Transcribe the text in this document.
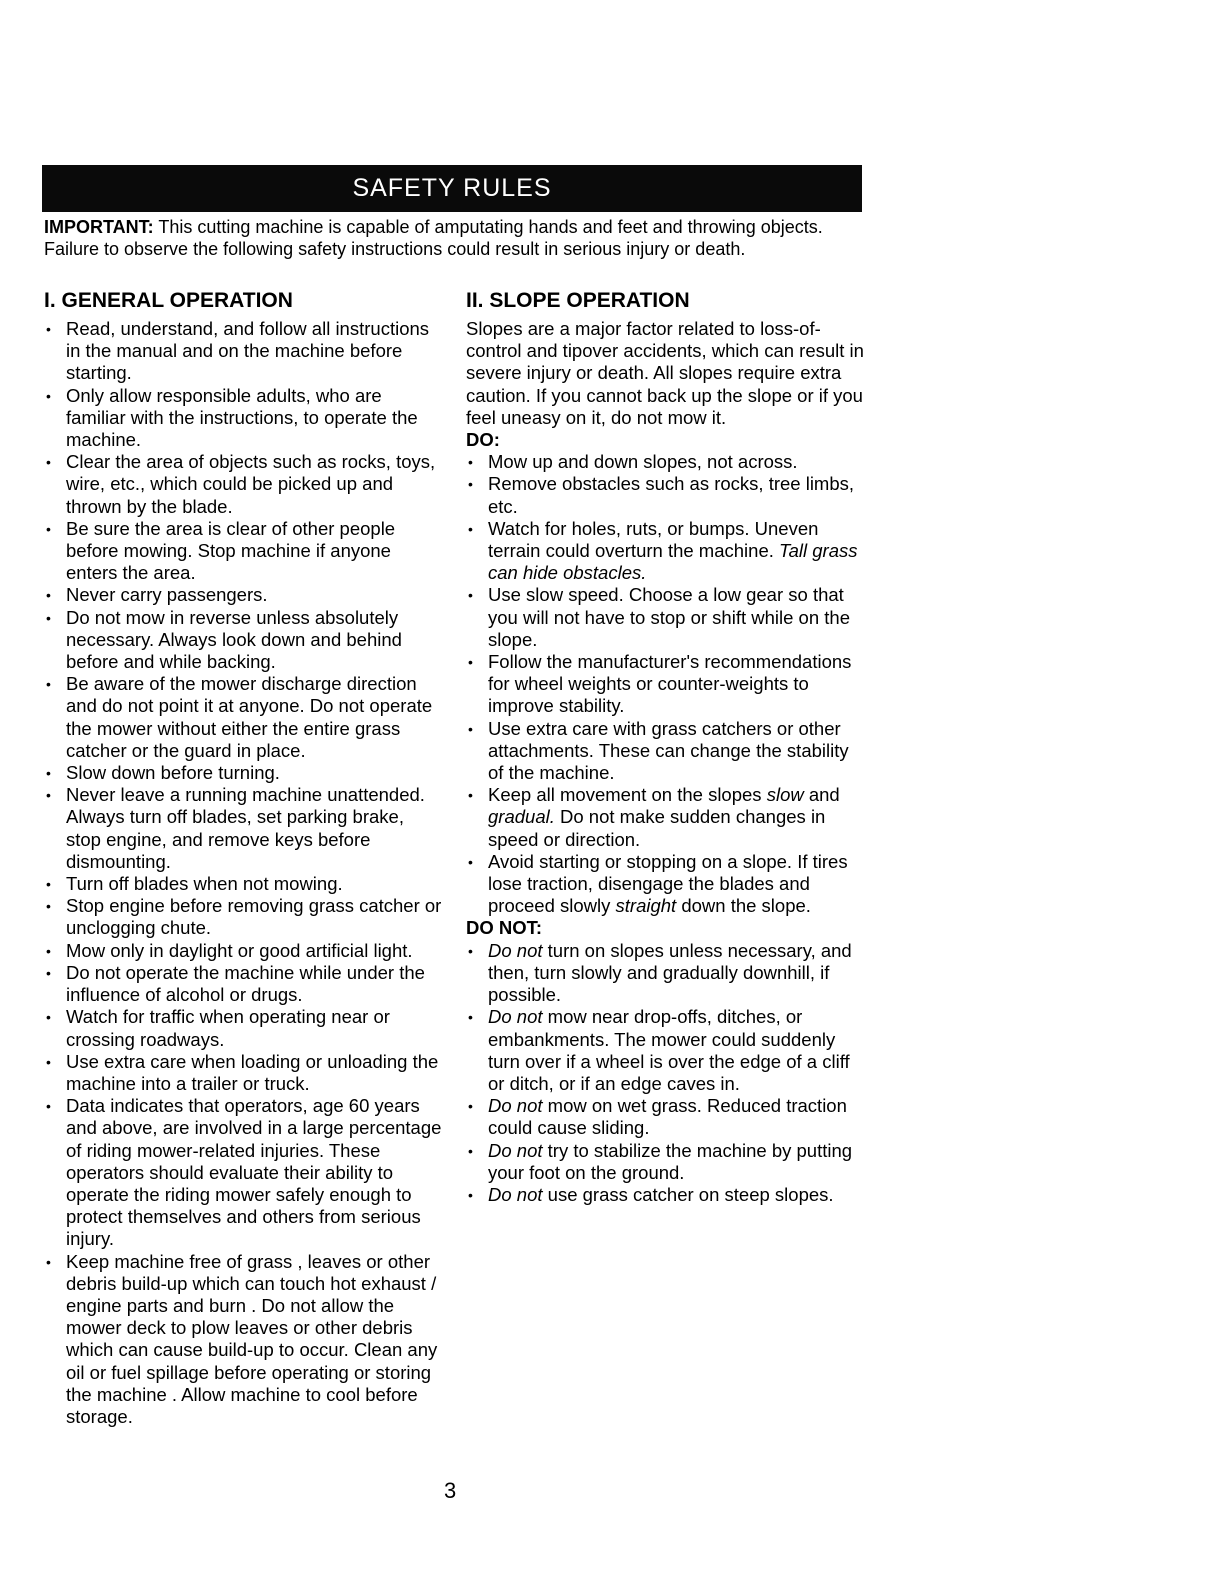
SAFETY RULES

IMPORTANT: This cutting machine is capable of amputating hands and feet and throwing objects. Failure to observe the following safety instructions could result in serious injury or death.

I. GENERAL OPERATION
• Read, understand, and follow all instructions in the manual and on the machine before starting.
• Only allow responsible adults, who are familiar with the instructions, to operate the machine.
• Clear the area of objects such as rocks, toys, wire, etc., which could be picked up and thrown by the blade.
• Be sure the area is clear of other people before mowing. Stop machine if anyone enters the area.
• Never carry passengers.
• Do not mow in reverse unless absolutely necessary. Always look down and behind before and while backing.
• Be aware of the mower discharge direction and do not point it at anyone. Do not operate the mower without either the entire grass catcher or the guard in place.
• Slow down before turning.
• Never leave a running machine unattended. Always turn off blades, set parking brake, stop engine, and remove keys before dismounting.
• Turn off blades when not mowing.
• Stop engine before removing grass catcher or unclogging chute.
• Mow only in daylight or good artificial light.
• Do not operate the machine while under the influence of alcohol or drugs.
• Watch for traffic when operating near or crossing roadways.
• Use extra care when loading or unloading the machine into a trailer or truck.
• Data indicates that operators, age 60 years and above, are involved in a large percentage of riding mower-related injuries. These operators should evaluate their ability to operate the riding mower safely enough to protect themselves and others from serious injury.
• Keep machine free of grass , leaves or other debris build-up which can touch hot exhaust / engine parts and burn . Do not allow the mower deck to plow leaves or other debris which can cause build-up to occur. Clean any oil or fuel spillage before operating or storing the machine . Allow machine to cool before storage.
II. SLOPE OPERATION

Slopes are a major factor related to loss-of-control and tipover accidents, which can result in severe injury or death. All slopes require extra caution. If you cannot back up the slope or if you feel uneasy on it, do not mow it.

DO:

• Mow up and down slopes, not across.
• Remove obstacles such as rocks, tree limbs, etc.
• Watch for holes, ruts, or bumps. Uneven terrain could overturn the machine. Tall grass can hide obstacles.
• Use slow speed. Choose a low gear so that you will not have to stop or shift while on the slope.
• Follow the manufacturer's recommendations for wheel weights or counter-weights to improve stability.
• Use extra care with grass catchers or other attachments. These can change the stability of the machine.
• Keep all movement on the slopes slow and gradual. Do not make sudden changes in speed or direction.
• Avoid starting or stopping on a slope. If tires lose traction, disengage the blades and proceed slowly straight down the slope.

DO NOT:

• Do not turn on slopes unless necessary, and then, turn slowly and gradually downhill, if possible.
• Do not mow near drop-offs, ditches, or embankments. The mower could suddenly turn over if a wheel is over the edge of a cliff or ditch, or if an edge caves in.
• Do not mow on wet grass. Reduced traction could cause sliding.
• Do not try to stabilize the machine by putting your foot on the ground.
• Do not use grass catcher on steep slopes.
3
